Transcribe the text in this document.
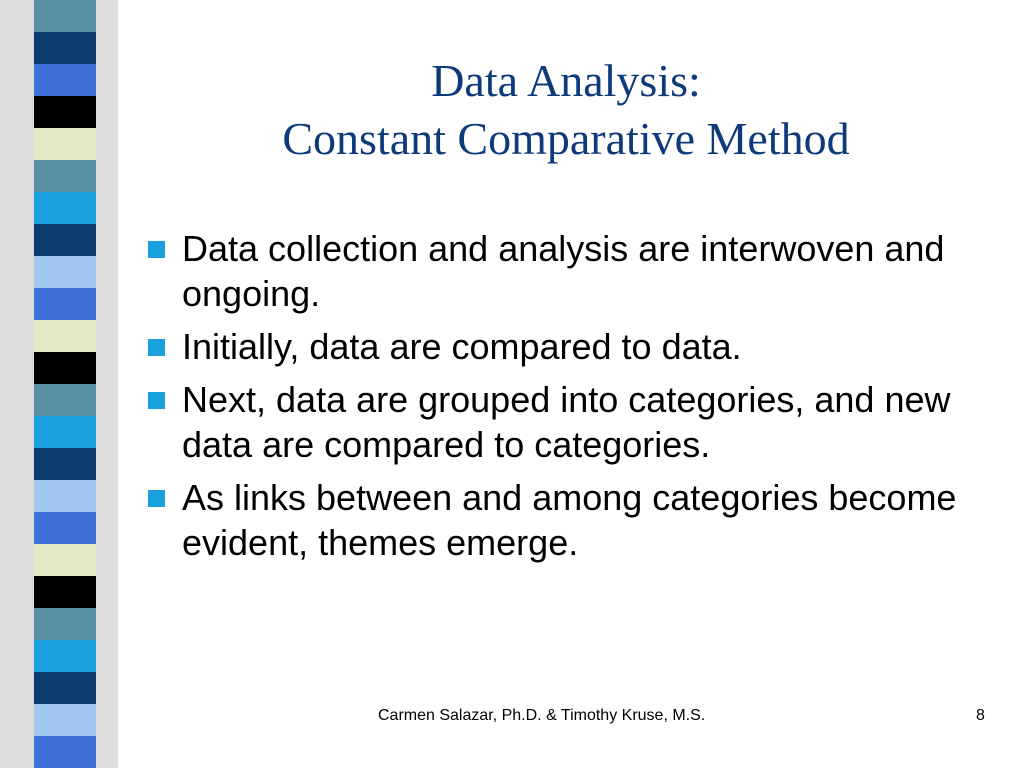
Data Analysis:
Constant Comparative Method
Data collection and analysis are interwoven and ongoing.
Initially, data are compared to data.
Next, data are grouped into categories, and new data are compared to categories.
As links between and among categories become evident, themes emerge.
Carmen Salazar, Ph.D. & Timothy Kruse, M.S.	8
